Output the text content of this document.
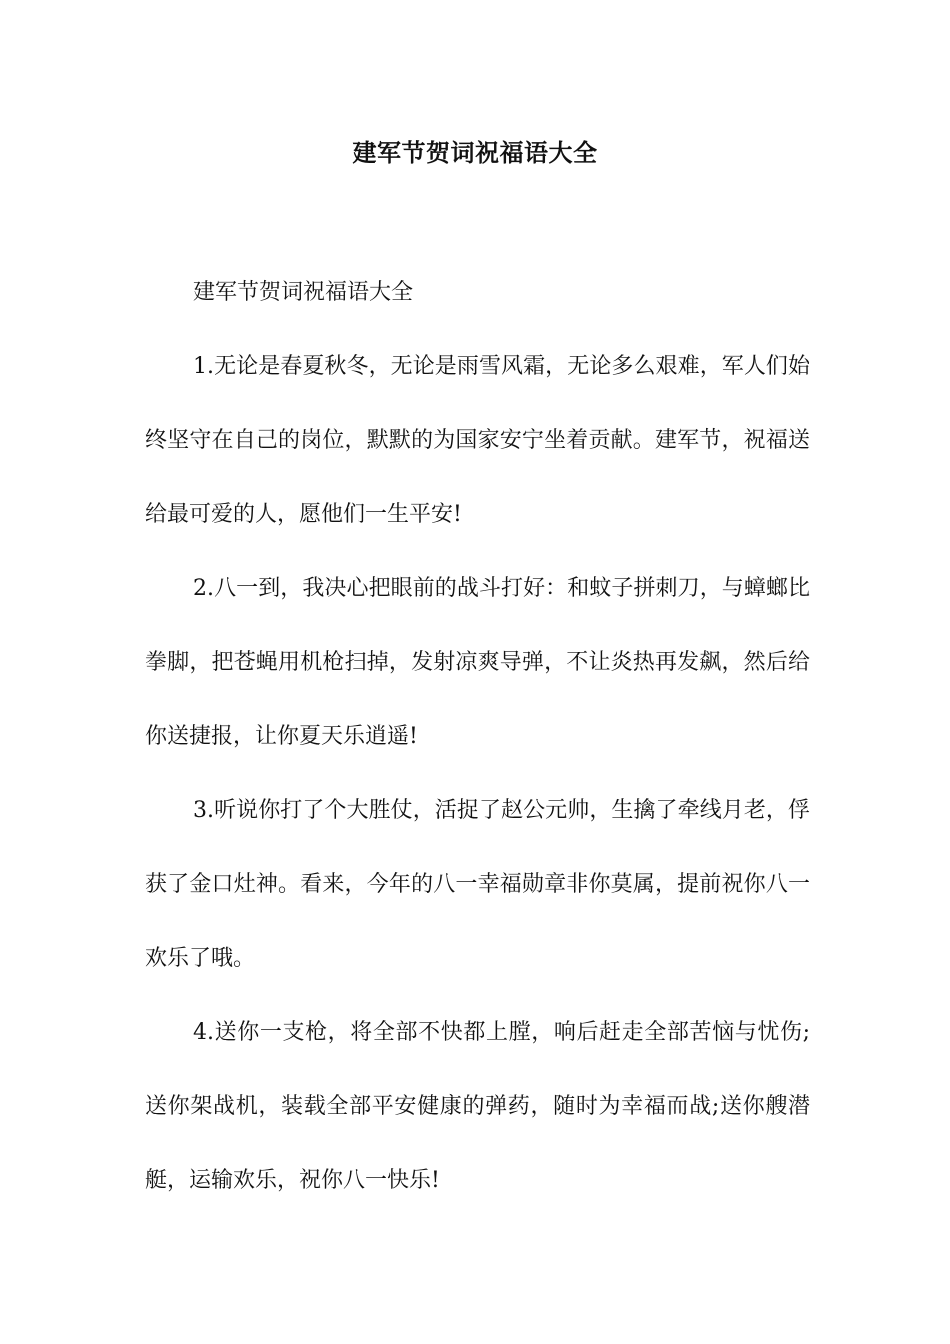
建军节贺词祝福语大全

建军节贺词祝福语大全

1.无论是春夏秋冬，无论是雨雪风霜，无论多么艰难，军人们始终坚守在自己的岗位，默默的为国家安宁坐着贡献。建军节，祝福送给最可爱的人，愿他们一生平安!

2.八一到，我决心把眼前的战斗打好：和蚊子拼刺刀，与蟑螂比拳脚，把苍蝇用机枪扫掉，发射凉爽导弹，不让炎热再发飙，然后给你送捷报，让你夏天乐逍遥!

3.听说你打了个大胜仗，活捉了赵公元帅，生擒了牵线月老，俘获了金口灶神。看来，今年的八一幸福勋章非你莫属，提前祝你八一欢乐了哦。

4.送你一支枪，将全部不快都上膛，响后赶走全部苦恼与忧伤;送你架战机，装载全部平安健康的弹药，随时为幸福而战;送你艘潜艇，运输欢乐，祝你八一快乐!
